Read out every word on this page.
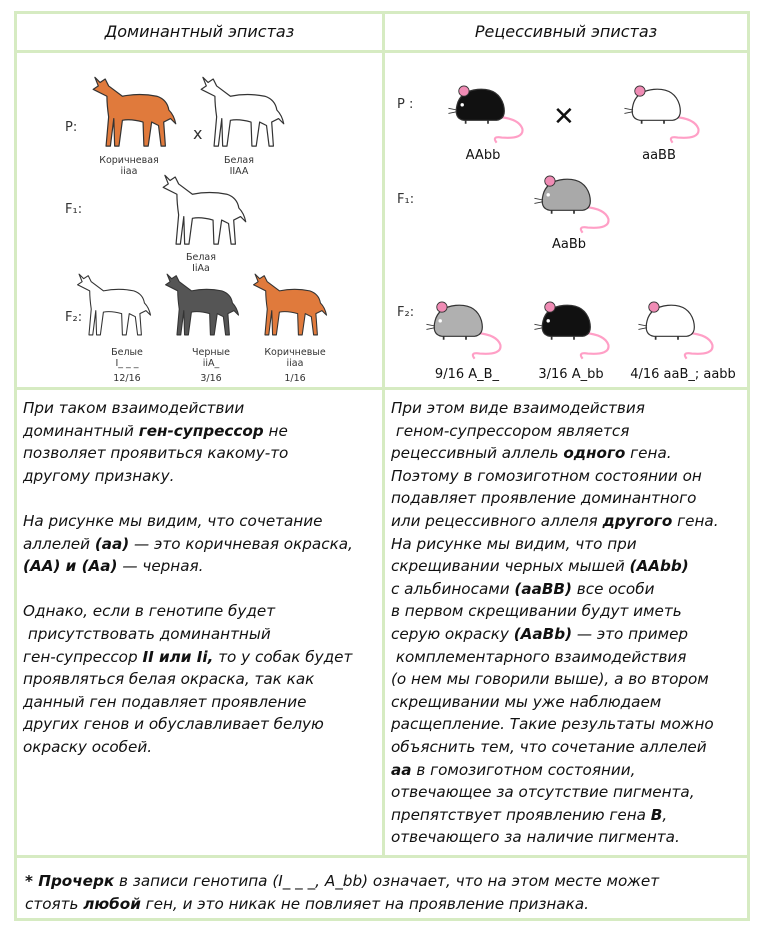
Доминантный эпистаз	Рецессивный эпистаз
P:
F₁:
F₂:
x
Коричневая
iiaa
Белая
IIAA
Белая
IiAa
Белые
I_ _ _
12/16
Черные
iiA_
3/16
Коричневые
iiaa
1/16
P :
F₁:
F₂:
✕
AAbb	aaBB
AaBb
9/16 A_B_	3/16 A_bb 4/16 aaB_; aabb

При таком взаимодействии
доминантный ген-супрессор не
позволяет проявиться какому-то
другому признаку.

На рисунке мы видим, что сочетание
аллелей (аа) — это коричневая окраска,
(АА) и (Аа) — черная.

Однако, если в генотипе будет
присутствовать доминантный
ген-супрессор II или Ii, то у собак будет
проявляться белая окраска, так как
данный ген подавляет проявление
других генов и обуславливает белую
окраску особей.

При этом виде взаимодействия
геном-супрессором является
рецессивный аллель одного гена.
Поэтому в гомозиготном состоянии он
подавляет проявление доминантного
или рецессивного аллеля другого гена.
На рисунке мы видим, что при
скрещивании черных мышей (AAbb)
с альбиносами (aaBB) все особи
в первом скрещивании будут иметь
серую окраску (AaBb) — это пример
комплементарного взаимодействия
(о нем мы говорили выше), а во втором
скрещивании мы уже наблюдаем
расщепление. Такие результаты можно
объяснить тем, что сочетание аллелей
аа в гомозиготном состоянии,
отвечающее за отсутствие пигмента,
препятствует проявлению гена B,
отвечающего за наличие пигмента.
* Прочерк в записи генотипа (I_ _ _, A_bb) означает, что на этом месте может
стоять любой ген, и это никак не повлияет на проявление признака.
